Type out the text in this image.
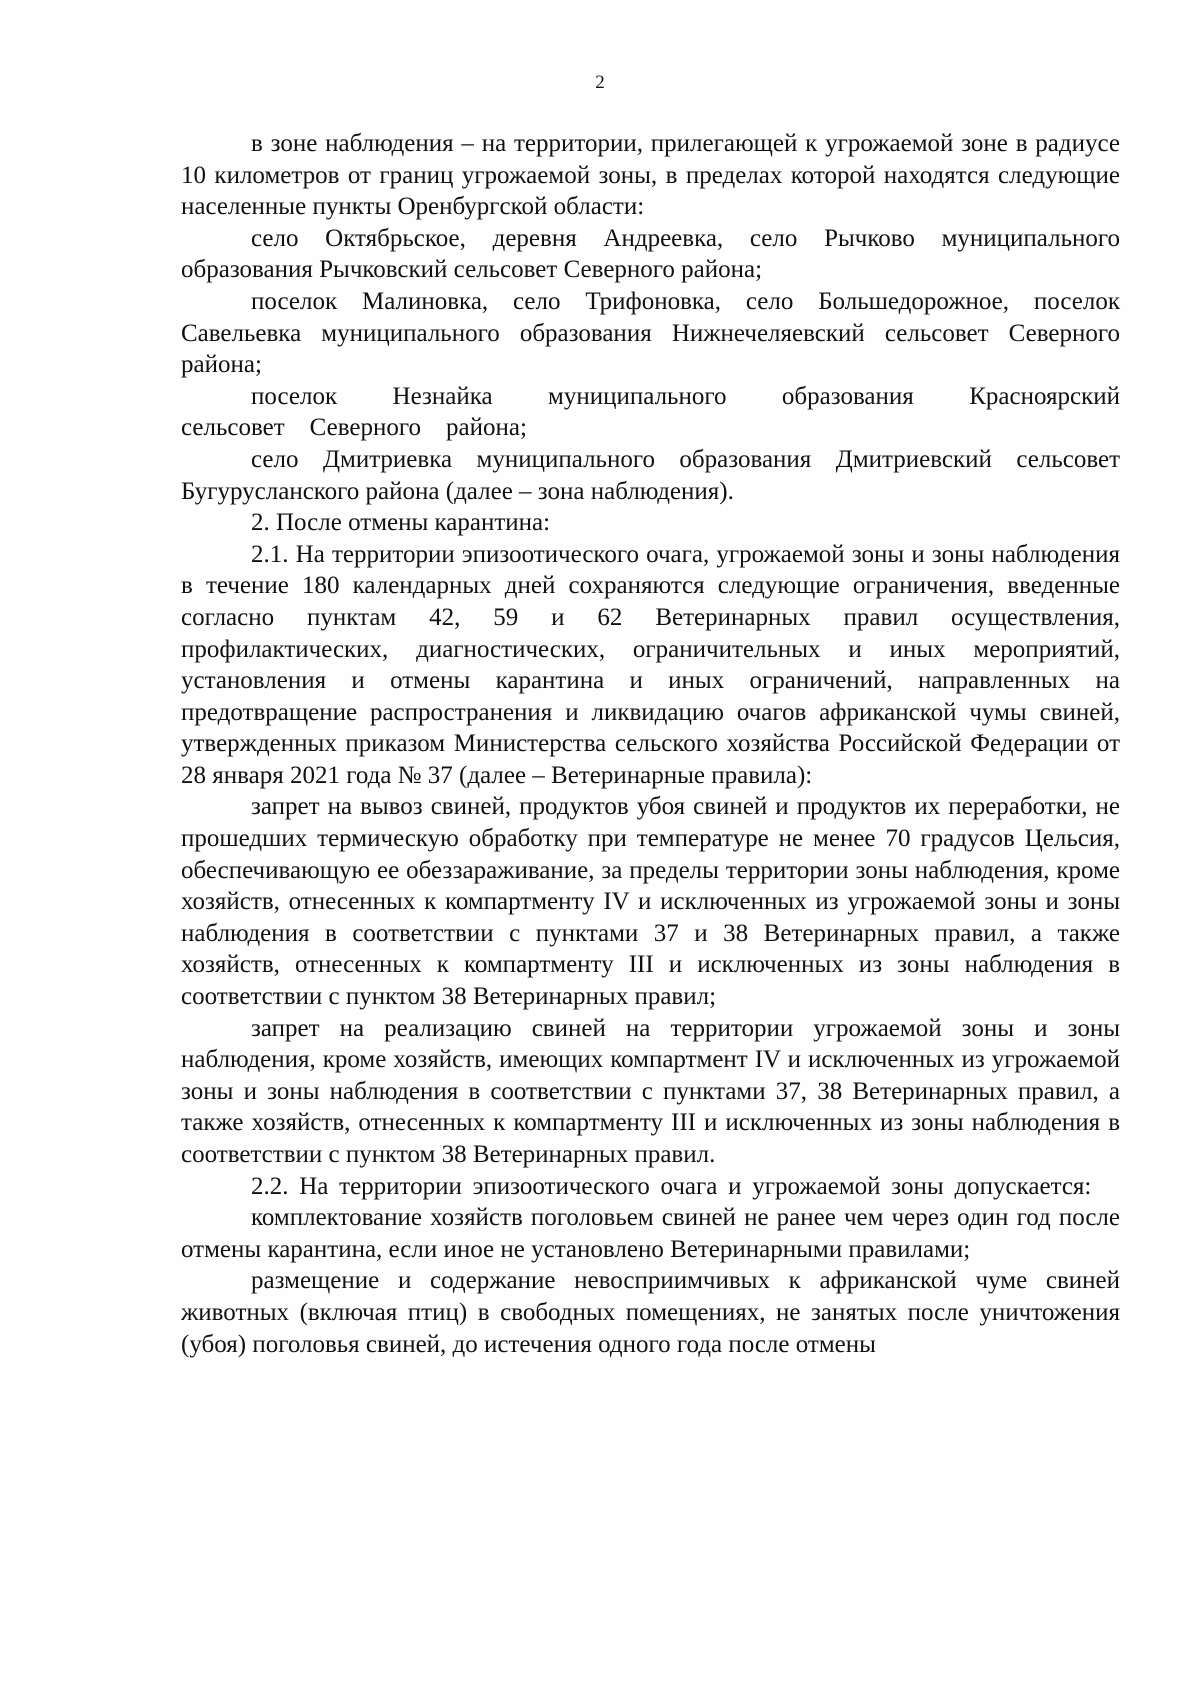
2

в зоне наблюдения – на территории, прилегающей к угрожаемой зоне в радиусе 10 километров от границ угрожаемой зоны, в пределах которой находятся следующие населенные пункты Оренбургской области:

село Октябрьское, деревня Андреевка, село Рычково муниципального образования Рычковский сельсовет Северного района;

поселок Малиновка, село Трифоновка, село Большедорожное, поселок Савельевка муниципального образования Нижнечеляевский сельсовет Северного района;

поселок Незнайка муниципального образования Красноярский сельсовет Северного района;

село Дмитриевка муниципального образования Дмитриевский сельсовет Бугурусланского района (далее – зона наблюдения).

2. После отмены карантина:

2.1. На территории эпизоотического очага, угрожаемой зоны и зоны наблюдения в течение 180 календарных дней сохраняются следующие ограничения, введенные согласно пунктам 42, 59 и 62 Ветеринарных правил осуществления, профилактических, диагностических, ограничительных и иных мероприятий, установления и отмены карантина и иных ограничений, направленных на предотвращение распространения и ликвидацию очагов африканской чумы свиней, утвержденных приказом Министерства сельского хозяйства Российской Федерации от 28 января 2021 года № 37 (далее – Ветеринарные правила):

запрет на вывоз свиней, продуктов убоя свиней и продуктов их переработки, не прошедших термическую обработку при температуре не менее 70 градусов Цельсия, обеспечивающую ее обеззараживание, за пределы территории зоны наблюдения, кроме хозяйств, отнесенных к компартменту IV и исключенных из угрожаемой зоны и зоны наблюдения в соответствии с пунктами 37 и 38 Ветеринарных правил, а также хозяйств, отнесенных к компартменту III и исключенных из зоны наблюдения в соответствии с пунктом 38 Ветеринарных правил;

запрет на реализацию свиней на территории угрожаемой зоны и зоны наблюдения, кроме хозяйств, имеющих компартмент IV и исключенных из угрожаемой зоны и зоны наблюдения в соответствии с пунктами 37, 38 Ветеринарных правил, а также хозяйств, отнесенных к компартменту III и исключенных из зоны наблюдения в соответствии с пунктом 38 Ветеринарных правил.

2.2. На территории эпизоотического очага и угрожаемой зоны допускается:

комплектование хозяйств поголовьем свиней не ранее чем через один год после отмены карантина, если иное не установлено Ветеринарными правилами;

размещение и содержание невосприимчивых к африканской чуме свиней животных (включая птиц) в свободных помещениях, не занятых после уничтожения (убоя) поголовья свиней, до истечения одного года после отмены
